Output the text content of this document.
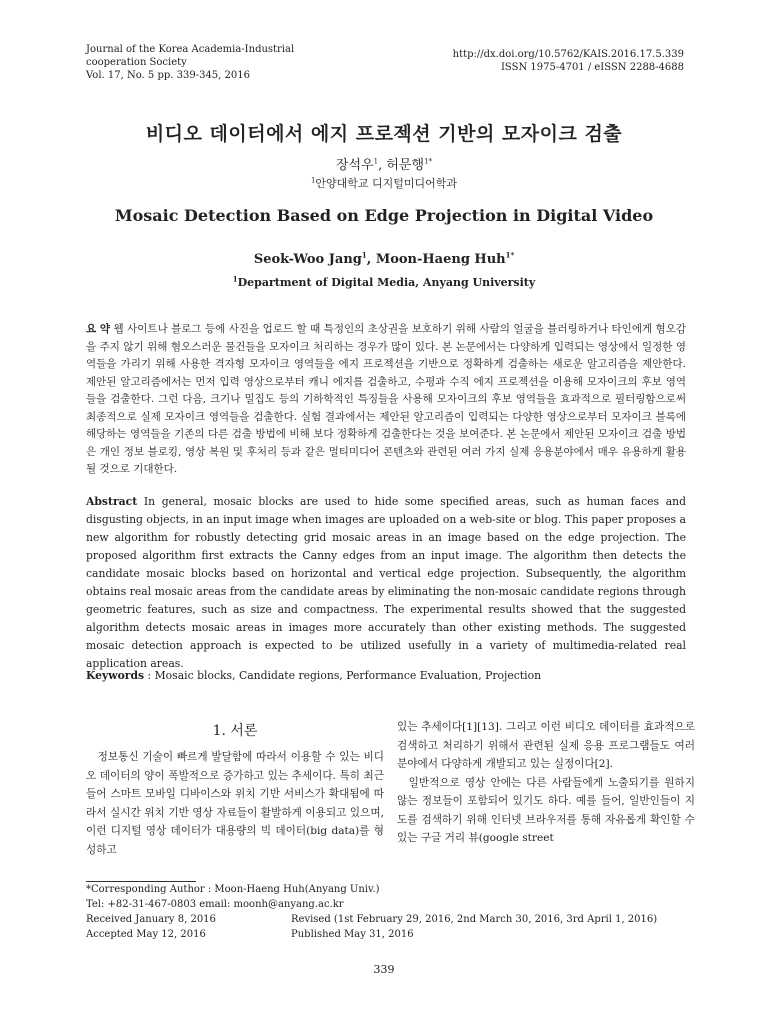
Journal of the Korea Academia-Industrial
cooperation Society
Vol. 17, No. 5 pp. 339-345, 2016
http://dx.doi.org/10.5762/KAIS.2016.17.5.339
ISSN 1975-4701 / eISSN 2288-4688
비디오 데이터에서 에지 프로젝션 기반의 모자이크 검출
장석우$^1$, 허문행$^{1*}$
$^1$안양대학교 디지털미디어학과
Mosaic Detection Based on Edge Projection in Digital Video
Seok-Woo Jang$^1$, Moon-Haeng Huh$^{1*}$
$^1$Department of Digital Media, Anyang University
요 약 웹 사이트나 블로그 등에 사진을 업로드 할 때 특정인의 초상권을 보호하기 위해 사람의 얼굴을 블러링하거나 타인에게 혐오감을 주지 않기 위해 혐오스러운 물건들을 모자이크 처리하는 경우가 많이 있다. 본 논문에서는 다양하게 입력되는 영상에서 일정한 영역들을 가리기 위해 사용한 격자형 모자이크 영역들을 에지 프로젝션을 기반으로 정확하게 검출하는 새로운 알고리즘을 제안한다. 제안된 알고리즘에서는 먼저 입력 영상으로부터 캐니 에지를 검출하고, 수평과 수직 에지 프로젝션을 이용해 모자이크의 후보 영역들을 검출한다. 그런 다음, 크기나 밀집도 등의 기하학적인 특징들을 사용해 모자이크의 후보 영역들을 효과적으로 필터링함으로써 최종적으로 실제 모자이크 영역들을 검출한다. 실험 결과에서는 제안된 알고리즘이 입력되는 다양한 영상으로부터 모자이크 블록에 해당하는 영역들을 기존의 다른 검출 방법에 비해 보다 정확하게 검출한다는 것을 보여준다. 본 논문에서 제안된 모자이크 검출 방법은 개인 정보 블로킹, 영상 복원 및 후처리 등과 같은 멀티미디어 콘텐츠와 관련된 여러 가지 실제 응용분야에서 매우 유용하게 활용될 것으로 기대한다.
Abstract In general, mosaic blocks are used to hide some specified areas, such as human faces and disgusting objects, in an input image when images are uploaded on a web-site or blog. This paper proposes a new algorithm for robustly detecting grid mosaic areas in an image based on the edge projection. The proposed algorithm first extracts the Canny edges from an input image. The algorithm then detects the candidate mosaic blocks based on horizontal and vertical edge projection. Subsequently, the algorithm obtains real mosaic areas from the candidate areas by eliminating the non-mosaic candidate regions through geometric features, such as size and compactness. The experimental results showed that the suggested algorithm detects mosaic areas in images more accurately than other existing methods. The suggested mosaic detection approach is expected to be utilized usefully in a variety of multimedia-related real application areas.
Keywords : Mosaic blocks, Candidate regions, Performance Evaluation, Projection
1. 서론
정보통신 기술이 빠르게 발달함에 따라서 이용할 수 있는 비디오 데이터의 양이 폭발적으로 증가하고 있는 추세이다. 특히 최근 들어 스마트 모바일 디바이스와 위치 기반 서비스가 확대됨에 따라서 실시간 위치 기반 영상 자료들이 활발하게 이용되고 있으며, 이런 디지털 영상 데이터가 대용량의 빅 데이터(big data)를 형성하고
있는 추세이다[1][13]. 그리고 이런 비디오 데이터를 효과적으로 검색하고 처리하기 위해서 관련된 실제 응용 프로그램들도 여러 분야에서 다양하게 개발되고 있는 실정이다[2].
일반적으로 영상 안에는 다른 사람들에게 노출되기를 원하지 않는 정보들이 포함되어 있기도 하다. 예를 들어, 일반인들이 지도를 검색하기 위해 인터넷 브라우저를 통해 자유롭게 확인할 수 있는 구글 거리 뷰(google street
*Corresponding Author : Moon-Haeng Huh(Anyang Univ.)
Tel: +82-31-467-0803 email: moonh@anyang.ac.kr
Received January 8, 2016	Revised (1st February 29, 2016, 2nd March 30, 2016, 3rd April 1, 2016)
Accepted May 12, 2016	Published May 31, 2016
339
